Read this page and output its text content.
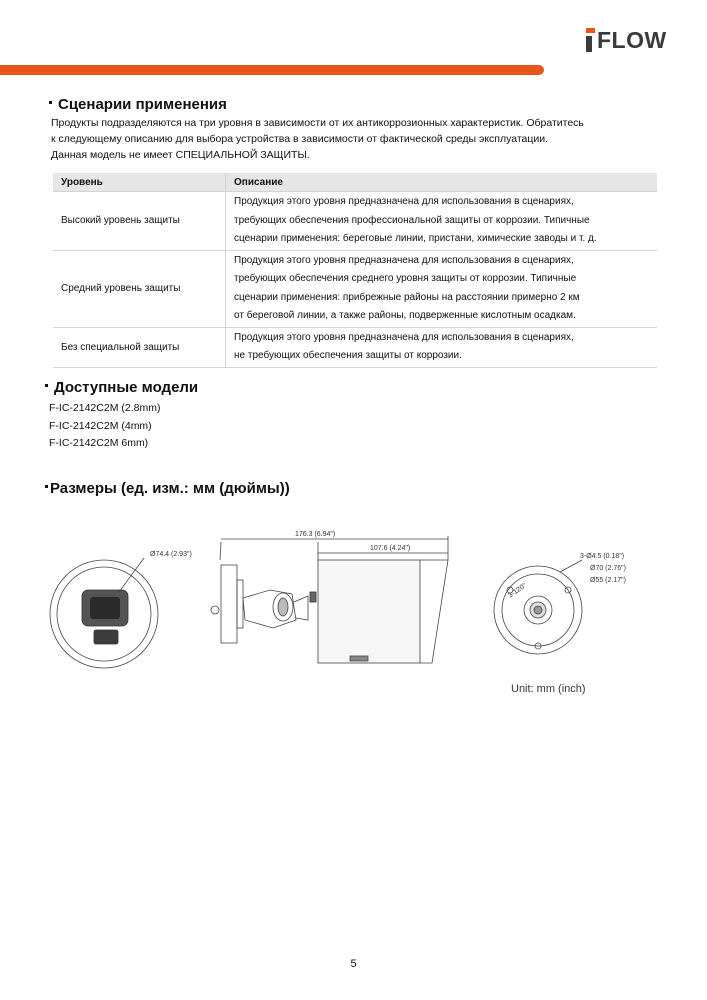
FLOW
Сценарии применения
Продукты подразделяются на три уровня в зависимости от их антикоррозионных характеристик. Обратитесь
к следующему описанию для выбора устройства в зависимости от фактической среды эксплуатации.
Данная модель не имеет СПЕЦИАЛЬНОЙ ЗАЩИТЫ.
Уровень	Описание
Высокий уровень защиты	Продукция этого уровня предназначена для использования в сценариях,
требующих обеспечения профессиональной защиты от коррозии. Типичные
сценарии применения: береговые линии, пристани, химические заводы и т. д.

Средний уровень защиты	Продукция этого уровня предназначена для использования в сценариях,
требующих обеспечения среднего уровня защиты от коррозии. Типичные
сценарии применения: прибрежные районы на расстоянии примерно 2 км
от береговой линии, а также районы, подверженные кислотным осадкам.

Без специальной защиты	Продукция этого уровня предназначена для использования в сценариях,
не требующих обеспечения защиты от коррозии.
Доступные модели
F-IC-2142C2M (2.8mm)
F-IC-2142C2M (4mm)
F-IC-2142C2M 6mm)
Размеры (ед. изм.: мм (дюймы))
Ø74.4 (2.93")
176.3 (6.94")
107.6 (4.24")
3-Ø4.5 (0.18")
Ø70 (2.76")
Ø55 (2.17")
3-120°
Unit: mm (inch)
5
